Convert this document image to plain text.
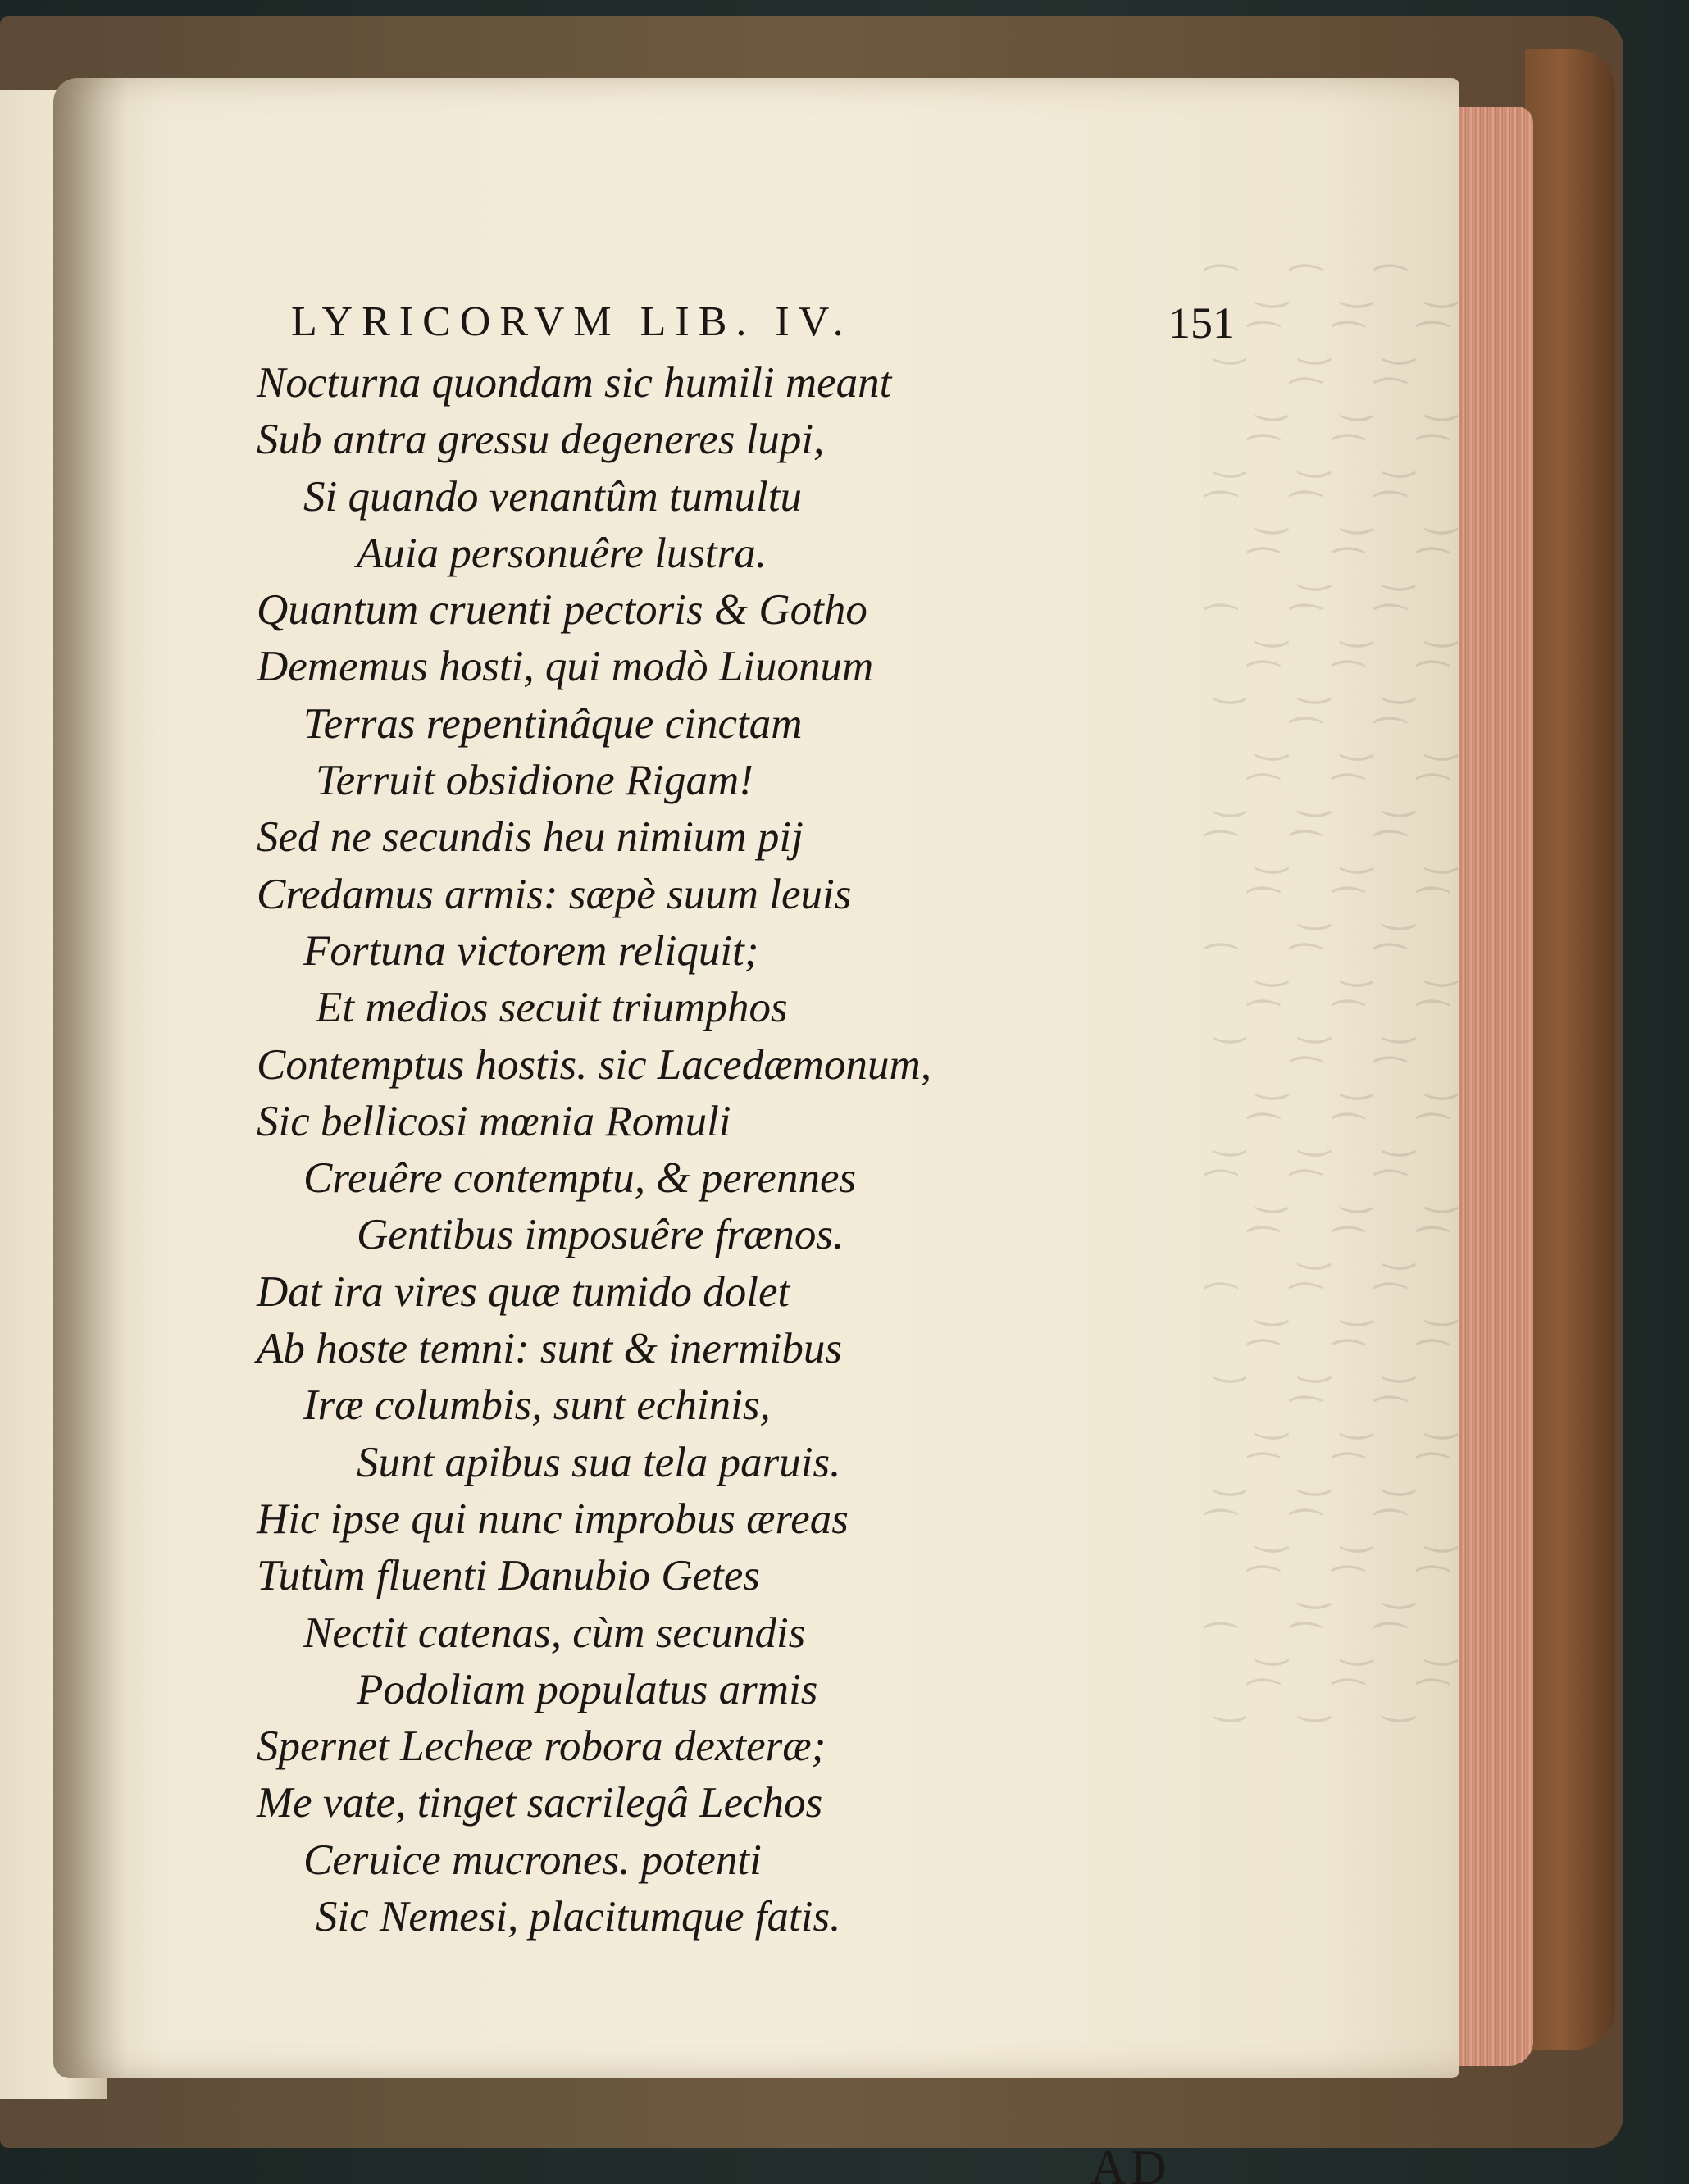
‿ ⁀ ‿ ⁀ ‿ ⁀
⁀ ‿ ⁀ ‿ ⁀ ‿
‿ ⁀ ‿ ⁀ ‿
⁀ ‿ ⁀ ‿ ⁀ ‿
‿ ⁀ ‿ ⁀ ‿ ⁀
⁀ ‿ ⁀ ‿ ⁀
‿ ⁀ ‿ ⁀ ‿ ⁀
⁀ ‿ ⁀ ‿ ⁀ ‿
‿ ⁀ ‿ ⁀ ‿
⁀ ‿ ⁀ ‿ ⁀ ‿
‿ ⁀ ‿ ⁀ ‿ ⁀
⁀ ‿ ⁀ ‿ ⁀
‿ ⁀ ‿ ⁀ ‿ ⁀
⁀ ‿ ⁀ ‿ ⁀ ‿
‿ ⁀ ‿ ⁀ ‿
⁀ ‿ ⁀ ‿ ⁀ ‿
‿ ⁀ ‿ ⁀ ‿ ⁀
⁀ ‿ ⁀ ‿ ⁀
‿ ⁀ ‿ ⁀ ‿ ⁀
⁀ ‿ ⁀ ‿ ⁀ ‿
‿ ⁀ ‿ ⁀ ‿
⁀ ‿ ⁀ ‿ ⁀ ‿
‿ ⁀ ‿ ⁀ ‿ ⁀
⁀ ‿ ⁀ ‿ ⁀
‿ ⁀ ‿ ⁀ ‿ ⁀
⁀ ‿ ⁀ ‿ ⁀ ‿
LYRICORVM LIB. IV.	151
Nocturna quondam sic humili meant
Sub antra gressu degeneres lupi,
Si quando venantûm tumultu
Auia personuêre lustra.
Quantum cruenti pectoris & Gotho
Dememus hosti, qui modò Liuonum
Terras repentinâque cinctam
Terruit obsidione Rigam!
Sed ne secundis heu nimium pij
Credamus armis: sæpè suum leuis
Fortuna victorem reliquit;
Et medios secuit triumphos
Contemptus hostis. sic Lacedæmonum,
Sic bellicosi mœnia Romuli
Creuêre contemptu, & perennes
Gentibus imposuêre frænos.
Dat ira vires quæ tumido dolet
Ab hoste temni: sunt & inermibus
Iræ columbis, sunt echinis,
Sunt apibus sua tela paruis.
Hic ipse qui nunc improbus æreas
Tutùm fluenti Danubio Getes
Nectit catenas, cùm secundis
Podoliam populatus armis
Spernet Lecheæ robora dexteræ;
Me vate, tinget sacrilegâ Lechos
Ceruice mucrones. potenti
Sic Nemesi, placitumque fatis.
AD
